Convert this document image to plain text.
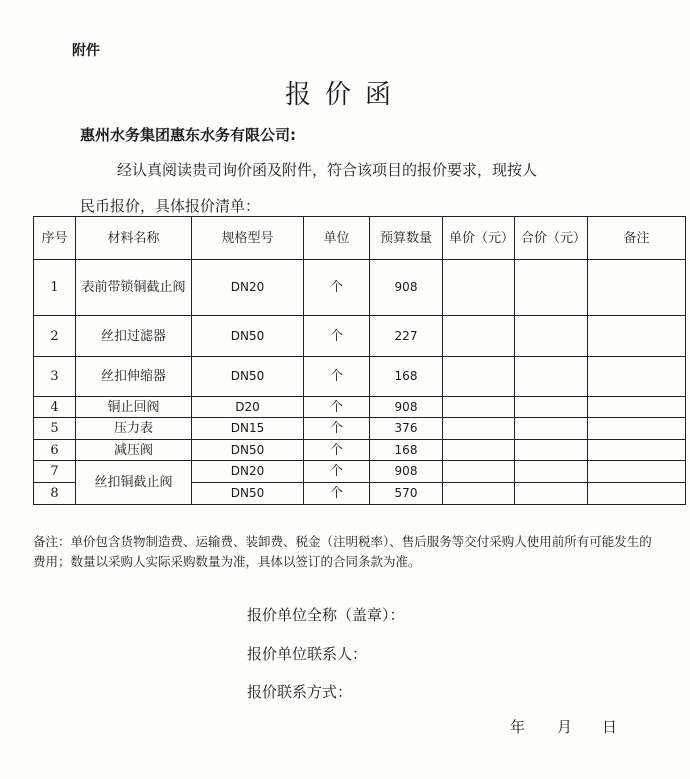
附件
报价函
惠州水务集团惠东水务有限公司:
经认真阅读贵司询价函及附件，符合该项目的报价要求，现按人
民币报价，具体报价清单：
序号	材料名称	规格型号	单位	预算数量	单价（元）	合价（元）	备注
1	表前带锁铜截止阀	DN20	个	908			
2	丝扣过滤器	DN50	个	227			
3	丝扣伸缩器	DN50	个	168			
4	铜止回阀	D20	个	908			
5	压力表	DN15	个	376			
6	减压阀	DN50	个	168			
7	丝扣铜截止阀	DN20	个	908			
8		DN50	个	570			
备注：单价包含货物制造费、运输费、装卸费、税金（注明税率）、售后服务等交付采购人使用前所有可能发生的费用；数量以采购人实际采购数量为准，具体以签订的合同条款为准。
报价单位全称（盖章）：
报价单位联系人：
报价联系方式：
年 月 日
